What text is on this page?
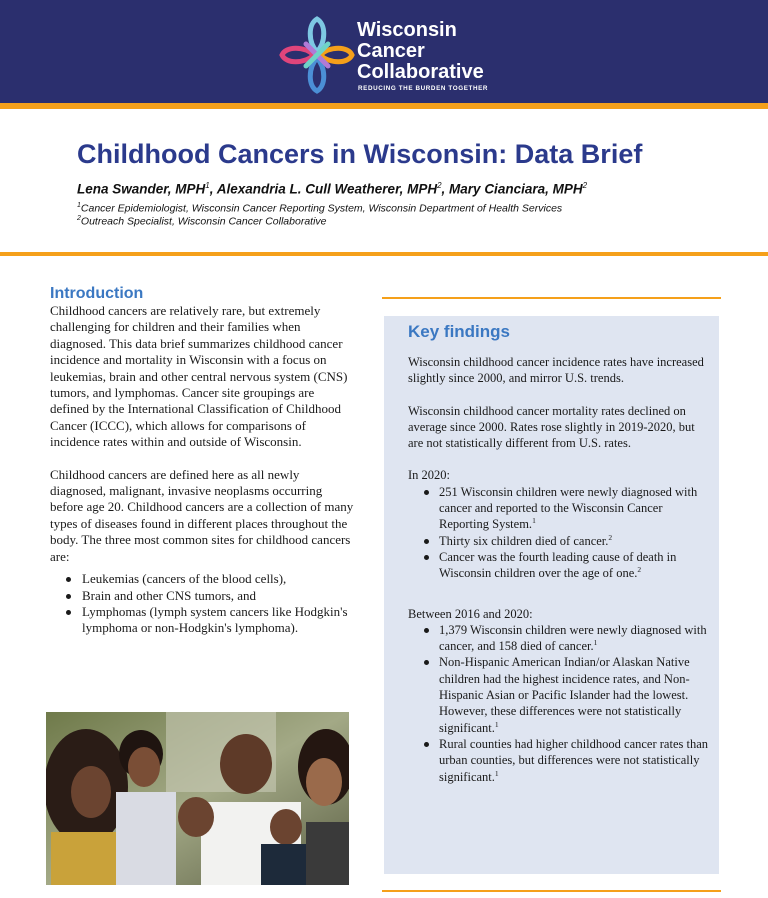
Wisconsin
Cancer
Collaborative
REDUCING THE BURDEN TOGETHER
Childhood Cancers in Wisconsin: Data Brief
Lena Swander, MPH$^1$, Alexandria L. Cull Weatherer, MPH$^2$, Mary Cianciara, MPH$^2$
$^1$Cancer Epidemiologist, Wisconsin Cancer Reporting System, Wisconsin Department of Health Services
$^2$Outreach Specialist, Wisconsin Cancer Collaborative
Introduction

Childhood cancers are relatively rare, but extremely challenging for children and their families when diagnosed. This data brief summarizes childhood cancer incidence and mortality in Wisconsin with a focus on leukemias, brain and other central nervous system (CNS) tumors, and lymphomas. Cancer site groupings are defined by the International Classification of Childhood Cancer (ICCC), which allows for comparisons of incidence rates within and outside of Wisconsin.

Childhood cancers are defined here as all newly diagnosed, malignant, invasive neoplasms occurring before age 20. Childhood cancers are a collection of many types of diseases found in different places throughout the body. The three most common sites for childhood cancers are:

Leukemias (cancers of the blood cells),
Brain and other CNS tumors, and
Lymphomas (lymph system cancers like Hodgkin's lymphoma or non-Hodgkin's lymphoma).
Key findings

Wisconsin childhood cancer incidence rates have increased slightly since 2000, and mirror U.S. trends.

Wisconsin childhood cancer mortality rates declined on average since 2000. Rates rose slightly in 2019-2020, but are not statistically different from U.S. rates.

In 2020:

251 Wisconsin children were newly diagnosed with cancer and reported to the Wisconsin Cancer Reporting System.$^1$
Thirty six children died of cancer.$^2$
Cancer was the fourth leading cause of death in Wisconsin children over the age of one.$^2$

Between 2016 and 2020:

1,379 Wisconsin children were newly diagnosed with cancer, and 158 died of cancer.$^1$
Non-Hispanic American Indian/or Alaskan Native children had the highest incidence rates, and Non-Hispanic Asian or Pacific Islander had the lowest. However, these differences were not statistically significant.$^1$
Rural counties had higher childhood cancer rates than urban counties, but differences were not statistically significant.$^1$
